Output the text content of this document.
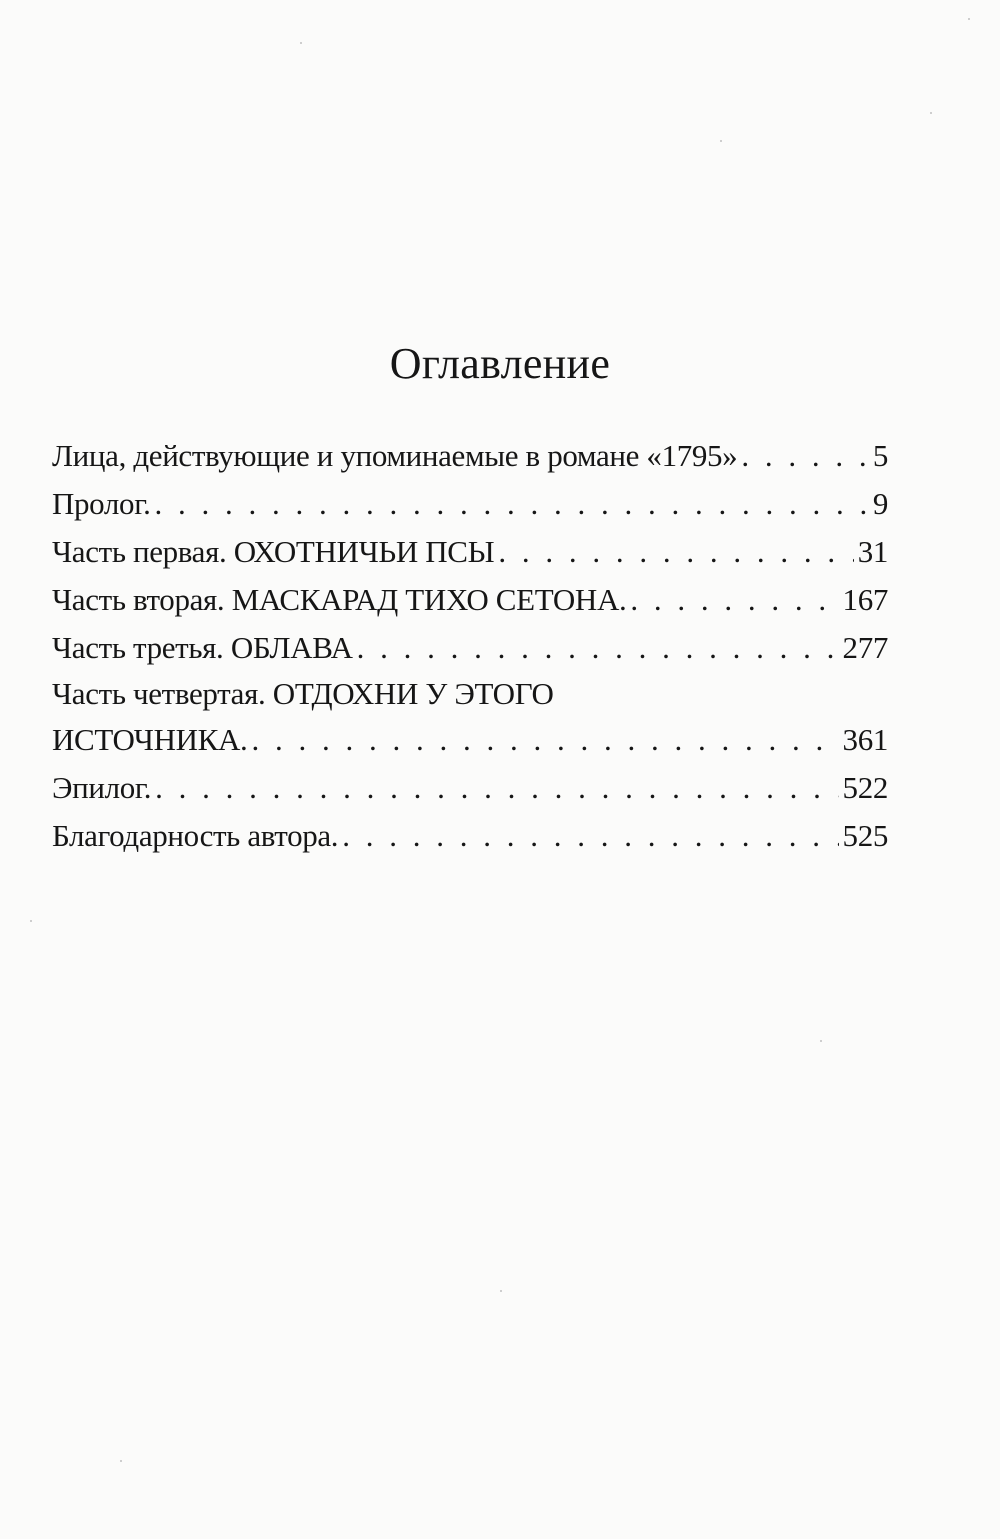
Оглавление
Лица, действующие и упоминаемые в романе «1795» . . .	5
Пролог. . . .	9
Часть первая. ОХОТНИЧЬИ ПСЫ . . .	31
Часть вторая. МАСКАРАД ТИХО СЕТОНА. . . .	167
Часть третья. ОБЛАВА . . .	277
Часть четвертая. ОТДОХНИ У ЭТОГО
ИСТОЧНИКА. . . .	361
Эпилог. . . .	522
Благодарность автора. . . .	525
